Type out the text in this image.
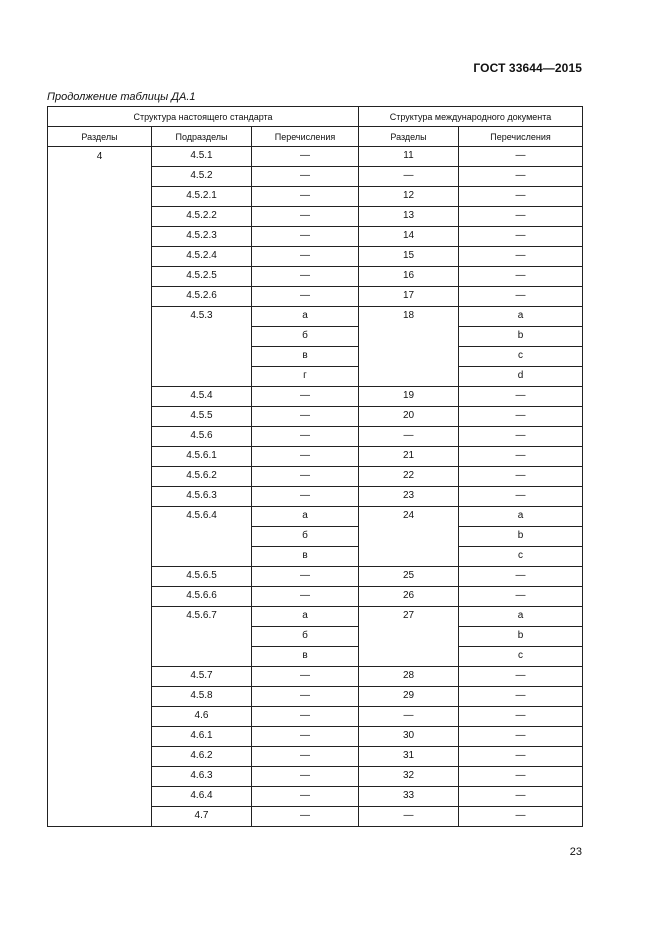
ГОСТ 33644—2015
Продолжение таблицы ДА.1
Структура настоящего стандарта			Структура международного документа	
Разделы	Подразделы	Перечисления	Разделы	Перечисления
4	4.5.1	—	11	—
	4.5.2	—	—	—
	4.5.2.1	—	12	—
	4.5.2.2	—	13	—
	4.5.2.3	—	14	—
	4.5.2.4	—	15	—
	4.5.2.5	—	16	—
	4.5.2.6	—	17	—
	4.5.3	а	18	a
		б		b
		в		c
		г		d
	4.5.4	—	19	—
	4.5.5	—	20	—
	4.5.6	—	—	—
	4.5.6.1	—	21	—
	4.5.6.2	—	22	—
	4.5.6.3	—	23	—
	4.5.6.4	а	24	a
		б		b
		в		c
	4.5.6.5	—	25	—
	4.5.6.6	—	26	—
	4.5.6.7	а	27	a
		б		b
		в		c
	4.5.7	—	28	—
	4.5.8	—	29	—
	4.6	—	—	—
	4.6.1	—	30	—
	4.6.2	—	31	—
	4.6.3	—	32	—
	4.6.4	—	33	—
	4.7	—	—	—
23
